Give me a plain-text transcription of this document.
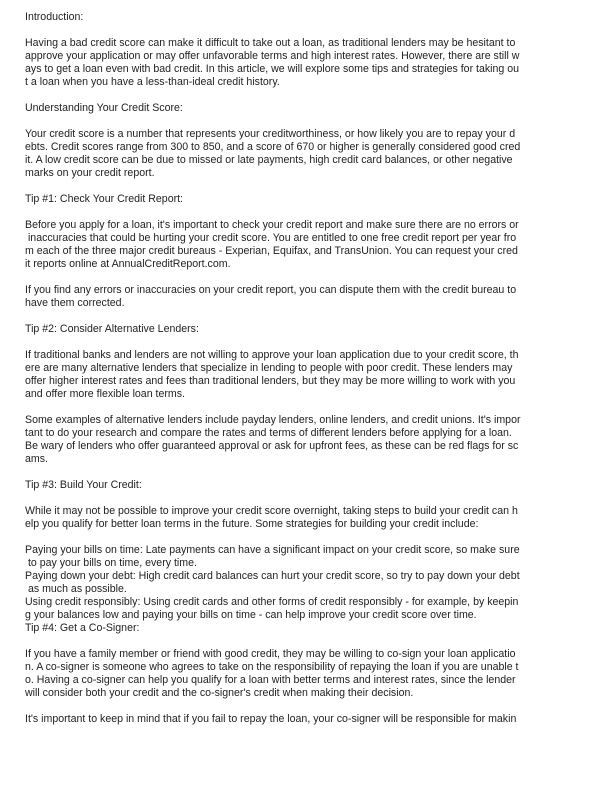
Introduction:
Having a bad credit score can make it difficult to take out a loan, as traditional lenders may be hesitant to
approve your application or may offer unfavorable terms and high interest rates. However, there are still w
ays to get a loan even with bad credit. In this article, we will explore some tips and strategies for taking ou
t a loan when you have a less-than-ideal credit history.
Understanding Your Credit Score:
Your credit score is a number that represents your creditworthiness, or how likely you are to repay your d
ebts. Credit scores range from 300 to 850, and a score of 670 or higher is generally considered good cred
it. A low credit score can be due to missed or late payments, high credit card balances, or other negative
marks on your credit report.
Tip #1: Check Your Credit Report:
Before you apply for a loan, it's important to check your credit report and make sure there are no errors or
inaccuracies that could be hurting your credit score. You are entitled to one free credit report per year fro
m each of the three major credit bureaus - Experian, Equifax, and TransUnion. You can request your cred
it reports online at AnnualCreditReport.com.
If you find any errors or inaccuracies on your credit report, you can dispute them with the credit bureau to
have them corrected.
Tip #2: Consider Alternative Lenders:
If traditional banks and lenders are not willing to approve your loan application due to your credit score, th
ere are many alternative lenders that specialize in lending to people with poor credit. These lenders may
offer higher interest rates and fees than traditional lenders, but they may be more willing to work with you
and offer more flexible loan terms.
Some examples of alternative lenders include payday lenders, online lenders, and credit unions. It's impor
tant to do your research and compare the rates and terms of different lenders before applying for a loan.
Be wary of lenders who offer guaranteed approval or ask for upfront fees, as these can be red flags for sc
ams.
Tip #3: Build Your Credit:
While it may not be possible to improve your credit score overnight, taking steps to build your credit can h
elp you qualify for better loan terms in the future. Some strategies for building your credit include:
Paying your bills on time: Late payments can have a significant impact on your credit score, so make sure
to pay your bills on time, every time.
Paying down your debt: High credit card balances can hurt your credit score, so try to pay down your debt
as much as possible.
Using credit responsibly: Using credit cards and other forms of credit responsibly - for example, by keepin
g your balances low and paying your bills on time - can help improve your credit score over time.
Tip #4: Get a Co-Signer:
If you have a family member or friend with good credit, they may be willing to co-sign your loan applicatio
n. A co-signer is someone who agrees to take on the responsibility of repaying the loan if you are unable t
o. Having a co-signer can help you qualify for a loan with better terms and interest rates, since the lender
will consider both your credit and the co-signer's credit when making their decision.
It's important to keep in mind that if you fail to repay the loan, your co-signer will be responsible for makin
